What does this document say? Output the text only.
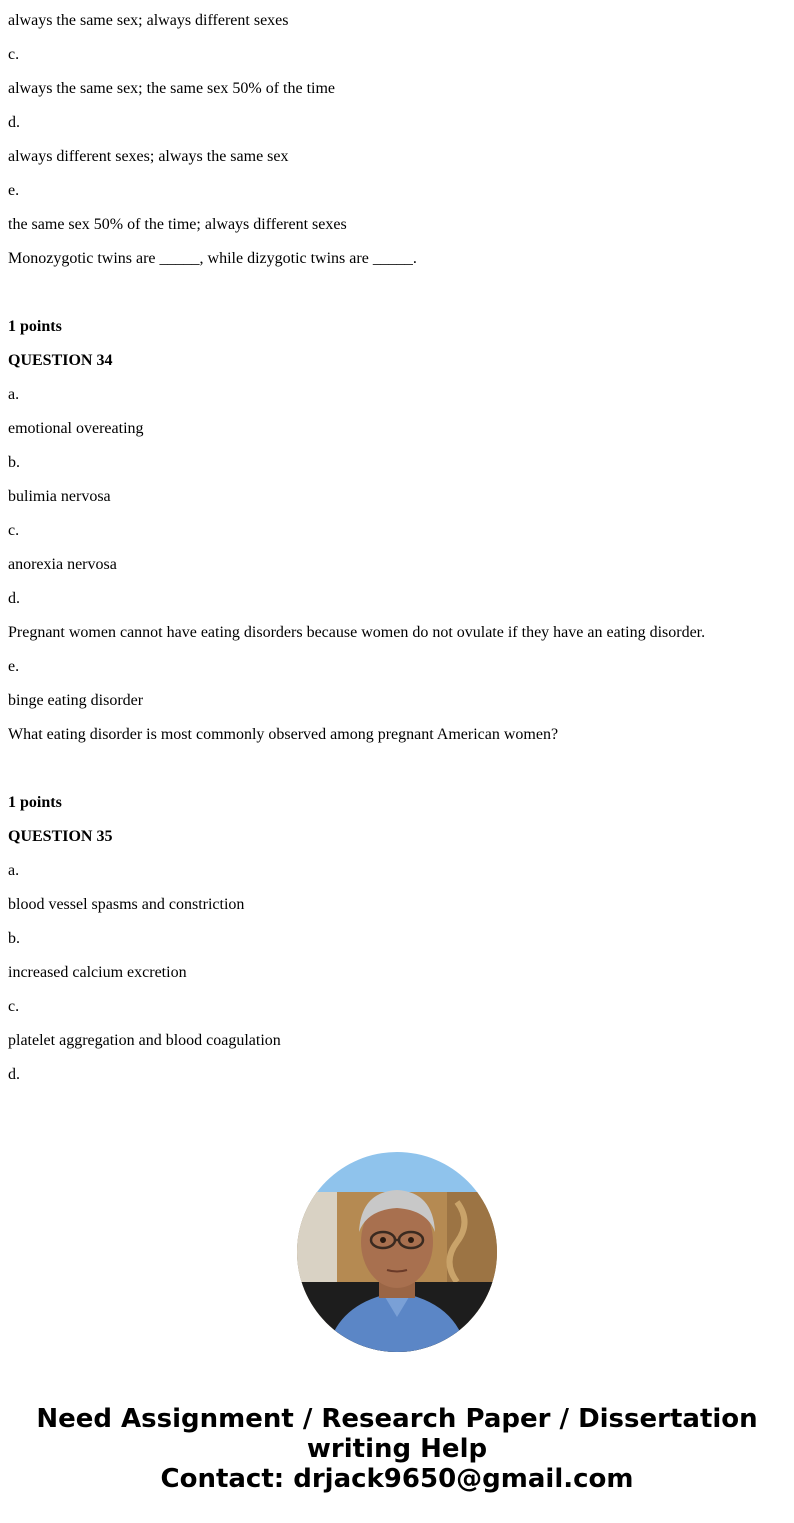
always the same sex; always different sexes
c.
always the same sex; the same sex 50% of the time
d.
always different sexes; always the same sex
e.
the same sex 50% of the time; always different sexes
Monozygotic twins are _____, while dizygotic twins are _____.
1 points
QUESTION 34
a.
emotional overeating
b.
bulimia nervosa
c.
anorexia nervosa
d.
Pregnant women cannot have eating disorders because women do not ovulate if they have an eating disorder.
e.
binge eating disorder
What eating disorder is most commonly observed among pregnant American women?
1 points
QUESTION 35
a.
blood vessel spasms and constriction
b.
increased calcium excretion
c.
platelet aggregation and blood coagulation
d.
Need Assignment / Research Paper / Dissertation
writing Help
Contact: drjack9650@gmail.com
